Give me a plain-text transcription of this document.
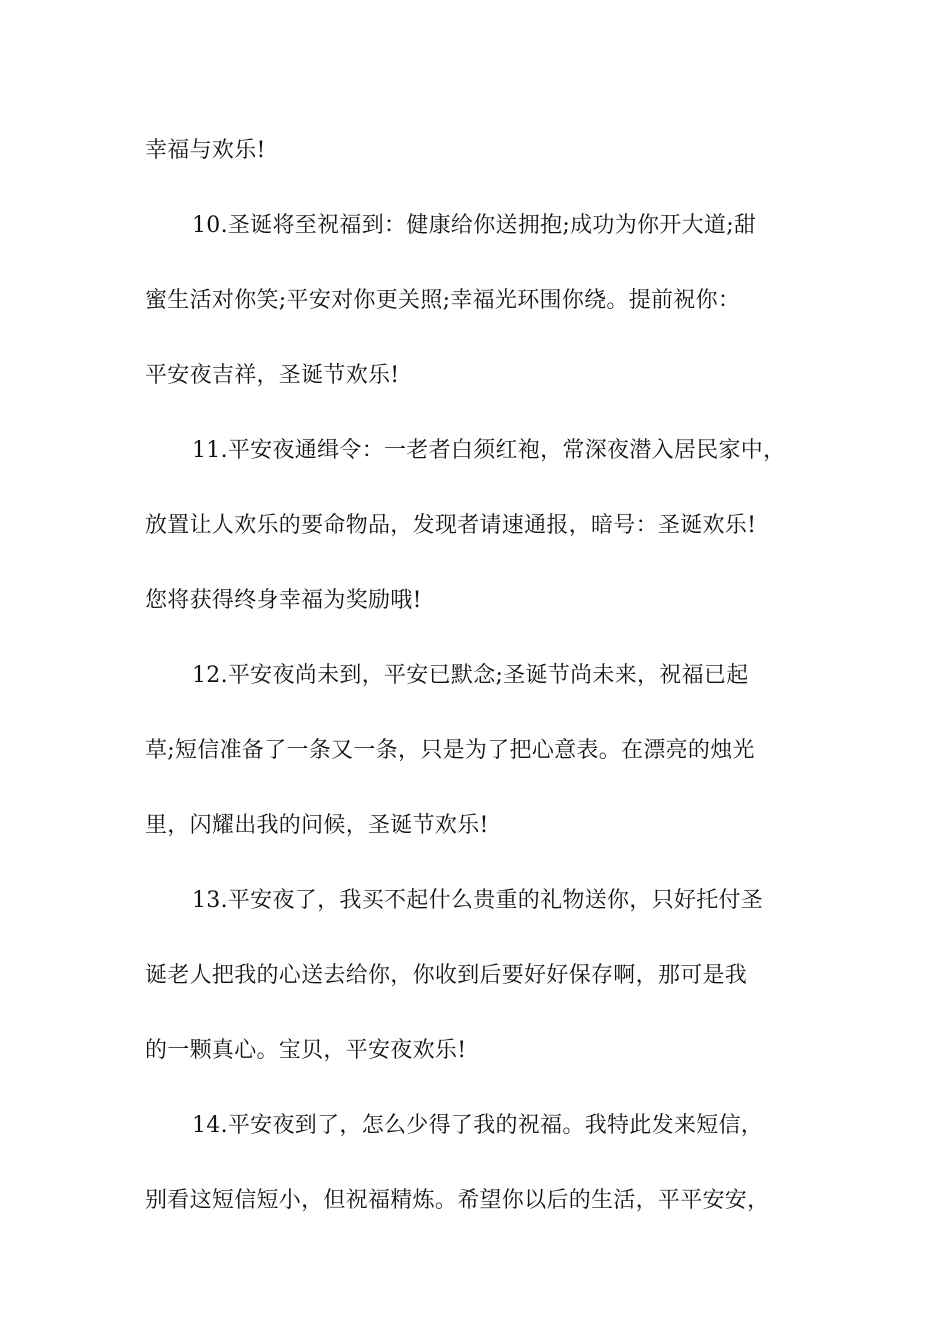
幸福与欢乐!
10.圣诞将至祝福到：健康给你送拥抱;成功为你开大道;甜
蜜生活对你笑;平安对你更关照;幸福光环围你绕。提前祝你：
平安夜吉祥，圣诞节欢乐!
11.平安夜通缉令：一老者白须红袍，常深夜潜入居民家中，
放置让人欢乐的要命物品，发现者请速通报，暗号：圣诞欢乐!
您将获得终身幸福为奖励哦!
12.平安夜尚未到，平安已默念;圣诞节尚未来，祝福已起
草;短信准备了一条又一条，只是为了把心意表。在漂亮的烛光
里，闪耀出我的问候，圣诞节欢乐!
13.平安夜了，我买不起什么贵重的礼物送你，只好托付圣
诞老人把我的心送去给你，你收到后要好好保存啊，那可是我
的一颗真心。宝贝，平安夜欢乐!
14.平安夜到了，怎么少得了我的祝福。我特此发来短信，
别看这短信短小，但祝福精炼。希望你以后的生活，平平安安，
